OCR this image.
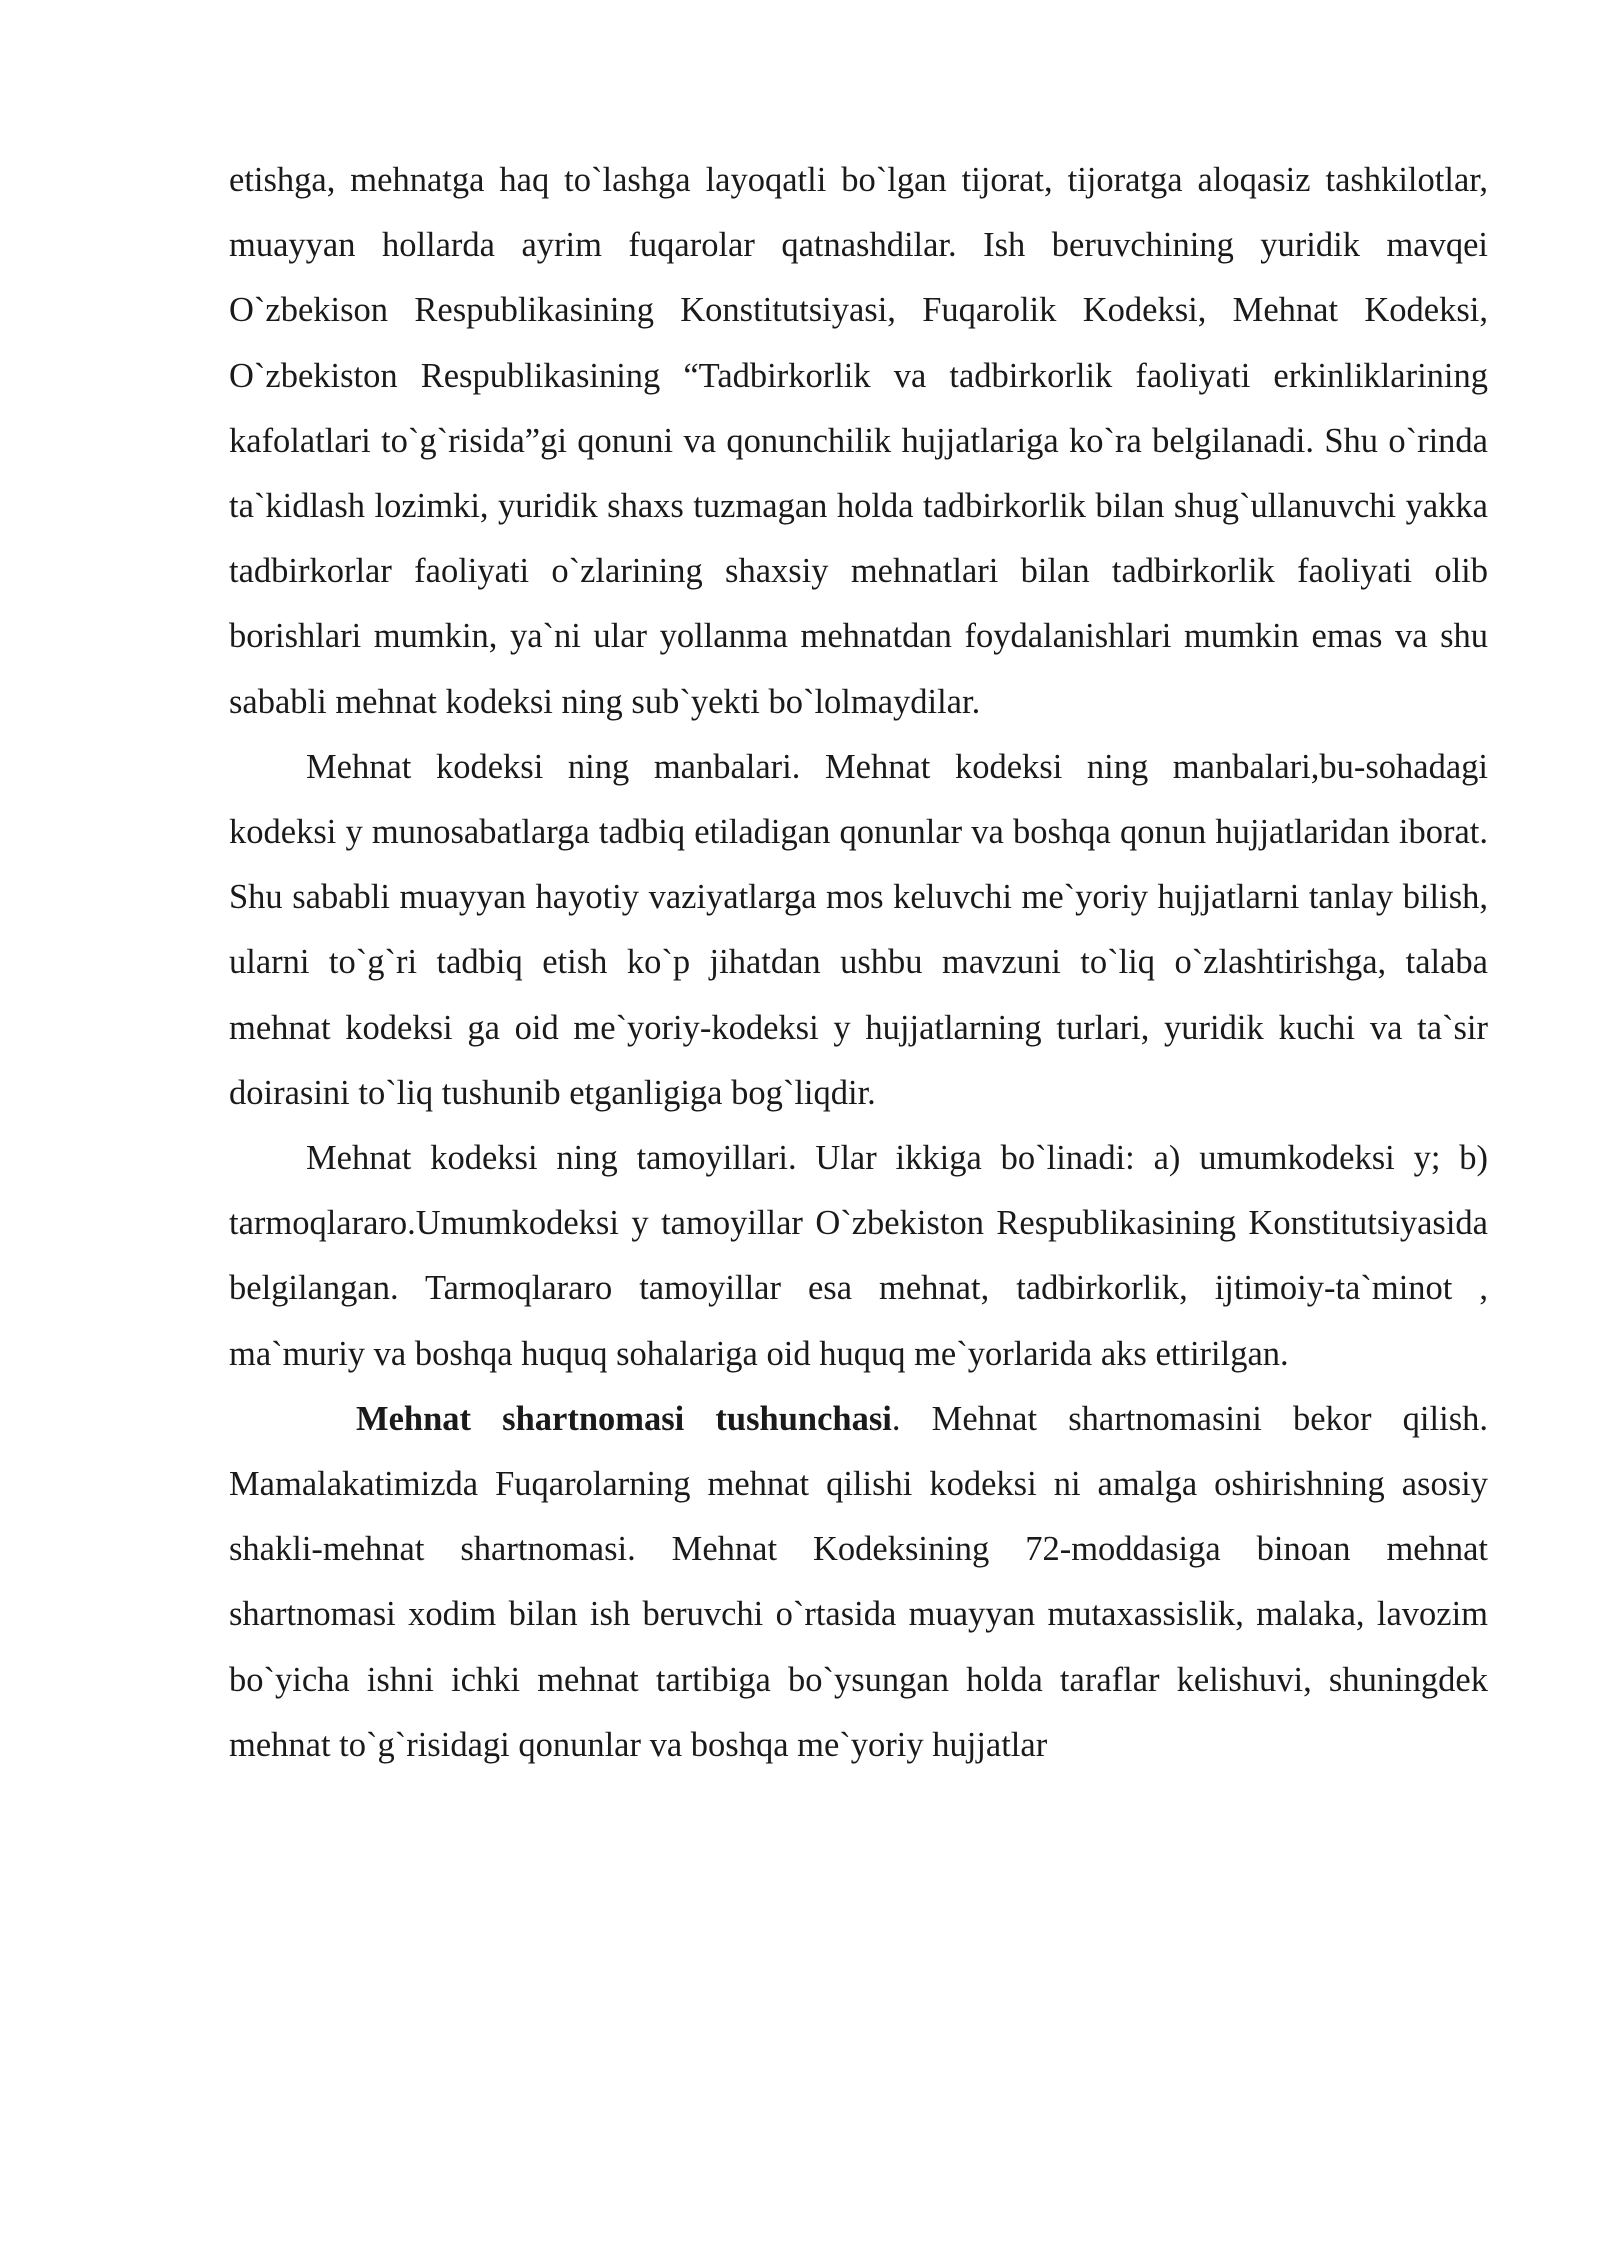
etishga, mehnatga haq to`lashga layoqatli bo`lgan tijorat, tijoratga aloqasiz tashkilotlar, muayyan hollarda ayrim fuqarolar qatnashdilar. Ish beruvchining yuridik mavqei O`zbekison Respublikasining Konstitutsiyasi, Fuqarolik Kodeksi, Mehnat Kodeksi, O`zbekiston Respublikasining “Tadbirkorlik va tadbirkorlik faoliyati erkinliklarining kafolatlari to`g`risida”gi qonuni va qonunchilik hujjatlariga ko`ra belgilanadi. Shu o`rinda ta`kidlash lozimki, yuridik shaxs tuzmagan holda tadbirkorlik bilan shug`ullanuvchi yakka tadbirkorlar faoliyati o`zlarining shaxsiy mehnatlari bilan tadbirkorlik faoliyati olib borishlari mumkin, ya`ni ular yollanma mehnatdan foydalanishlari mumkin emas va shu sababli mehnat kodeksi ning sub`yekti bo`lolmaydilar.

Mehnat kodeksi ning manbalari. Mehnat kodeksi ning manbalari,bu-sohadagi kodeksi y munosabatlarga tadbiq etiladigan qonunlar va boshqa qonun hujjatlaridan iborat. Shu sababli muayyan hayotiy vaziyatlarga mos keluvchi me`yoriy hujjatlarni tanlay bilish, ularni to`g`ri tadbiq etish ko`p jihatdan ushbu mavzuni to`liq o`zlashtirishga, talaba mehnat kodeksi ga oid me`yoriy-kodeksi y hujjatlarning turlari, yuridik kuchi va ta`sir doirasini to`liq tushunib etganligiga bog`liqdir.

Mehnat kodeksi ning tamoyillari. Ular ikkiga bo`linadi: a) umumkodeksi y; b) tarmoqlararo.Umumkodeksi y tamoyillar O`zbekiston Respublikasining Konstitutsiyasida belgilangan. Tarmoqlararo tamoyillar esa mehnat, tadbirkorlik, ijtimoiy-ta`minot , ma`muriy va boshqa huquq sohalariga oid huquq me`yorlarida aks ettirilgan.

Mehnat shartnomasi tushunchasi. Mehnat shartnomasini bekor qilish. Mamalakatimizda Fuqarolarning mehnat qilishi kodeksi ni amalga oshirishning asosiy shakli-mehnat shartnomasi. Mehnat Kodeksining 72-moddasiga binoan mehnat shartnomasi xodim bilan ish beruvchi o`rtasida muayyan mutaxassislik, malaka, lavozim bo`yicha ishni ichki mehnat tartibiga bo`ysungan holda taraflar kelishuvi, shuningdek mehnat to`g`risidagi qonunlar va boshqa me`yoriy hujjatlar
